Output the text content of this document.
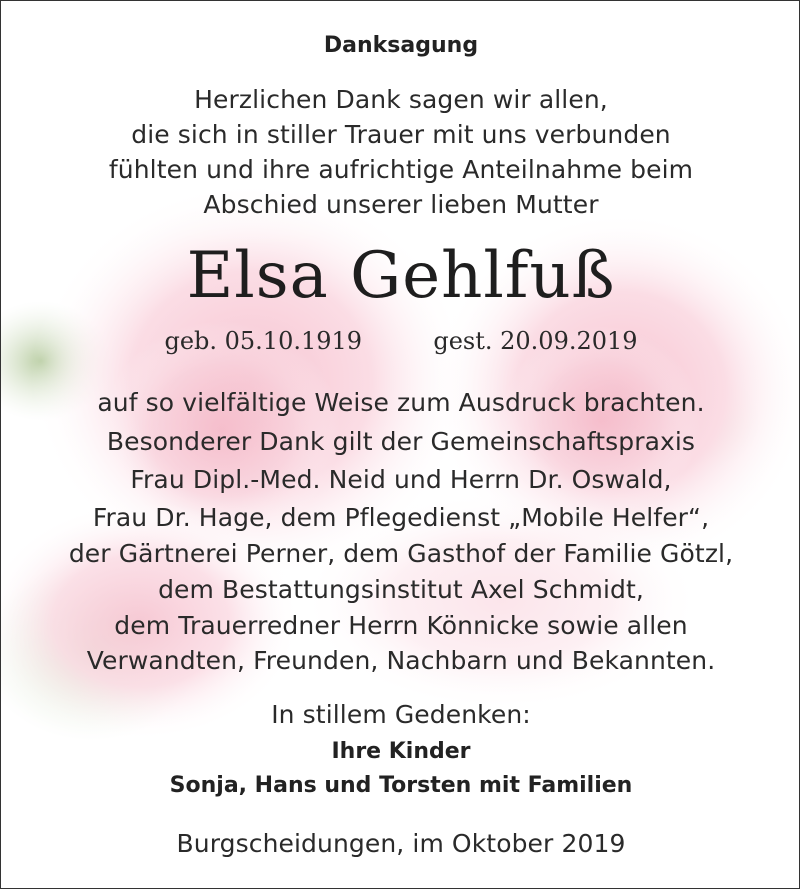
Danksagung
Herzlichen Dank sagen wir allen,
die sich in stiller Trauer mit uns verbunden
fühlten und ihre aufrichtige Anteilnahme beim
Abschied unserer lieben Mutter
Elsa Gehlfuß
geb. 05.10.1919	gest. 20.09.2019
auf so vielfältige Weise zum Ausdruck brachten.
Besonderer Dank gilt der Gemeinschaftspraxis
Frau Dipl.-Med. Neid und Herrn Dr. Oswald,
Frau Dr. Hage, dem Pflegedienst „Mobile Helfer“,
der Gärtnerei Perner, dem Gasthof der Familie Götzl,
dem Bestattungsinstitut Axel Schmidt,
dem Trauerredner Herrn Könnicke sowie allen
Verwandten, Freunden, Nachbarn und Bekannten.
In stillem Gedenken:
Ihre Kinder
Sonja, Hans und Torsten mit Familien
Burgscheidungen, im Oktober 2019
